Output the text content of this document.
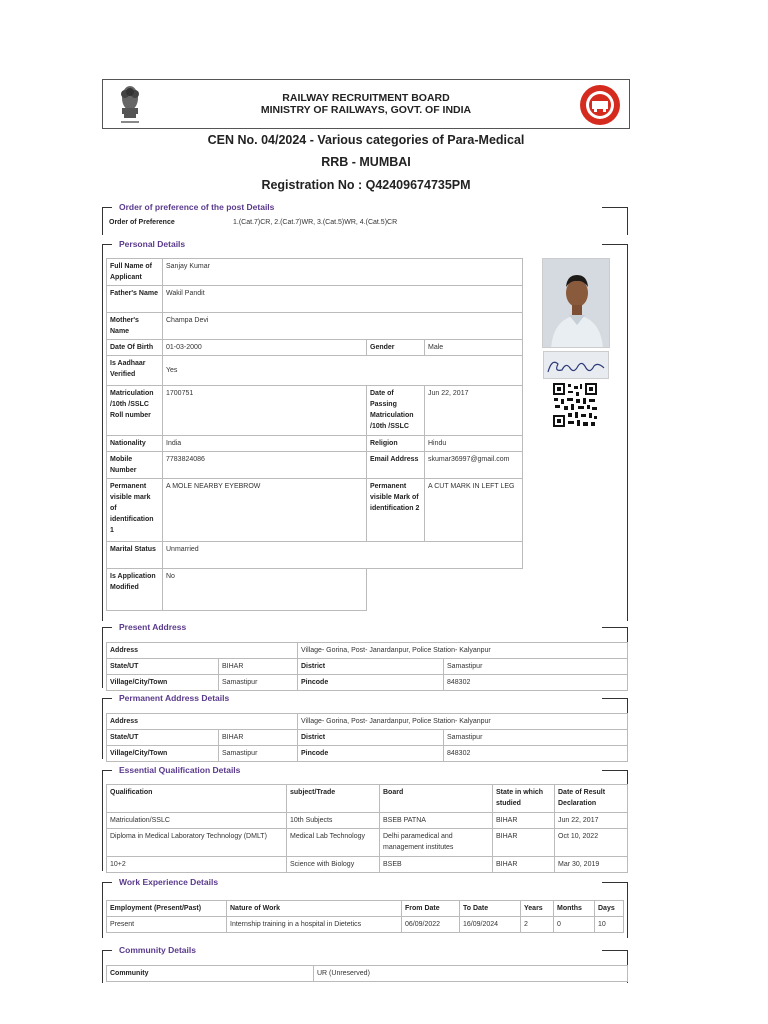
RAILWAY RECRUITMENT BOARD
MINISTRY OF RAILWAYS, GOVT. OF INDIA
CEN No. 04/2024 - Various categories of Para-Medical
RRB - MUMBAI
Registration No : Q42409674735PM
Order of preference of the post Details
Order of Preference	1.(Cat.7)CR, 2.(Cat.7)WR, 3.(Cat.5)WR, 4.(Cat.5)CR
Personal Details
Full Name of Applicant	Sanjay Kumar		
Father's Name	Wakil Pandit		
Mother's Name	Champa Devi		
Date Of Birth	01-03-2000	Gender	Male
Is Aadhaar Verified	Yes		
Matriculation /10th /SSLC Roll number	1700751	Date of Passing Matriculation /10th /SSLC	Jun 22, 2017
Nationality	India	Religion	Hindu
Mobile Number	7783824086	Email Address	skumar36997@gmail.com
Permanent visible mark of identification 1	A MOLE NEARBY EYEBROW	Permanent visible Mark of identification 2	A CUT MARK IN LEFT LEG
Marital Status	Unmarried		
Is Application Modified	No		
Present Address
Address		Village- Gorina, Post- Janardanpur, Police Station- Kalyanpur	
State/UT	BIHAR	District	Samastipur
Village/City/Town	Samastipur	Pincode	848302
Permanent Address Details
Address		Village- Gorina, Post- Janardanpur, Police Station- Kalyanpur	
State/UT	BIHAR	District	Samastipur
Village/City/Town	Samastipur	Pincode	848302
Essential Qualification Details
Qualification	subject/Trade	Board	State in which studied	Date of Result Declaration
Matriculation/SSLC	10th Subjects	BSEB PATNA	BIHAR	Jun 22, 2017
Diploma in Medical Laboratory Technology (DMLT)	Medical Lab Technology	Delhi paramedical and management institutes	BIHAR	Oct 10, 2022
10+2	Science with Biology	BSEB	BIHAR	Mar 30, 2019
Work Experience Details
Employment (Present/Past)	Nature of Work	From Date	To Date	Years	Months	Days
Present	Internship training in a hospital in Dietetics	06/09/2022	16/09/2024	2	0	10
Community Details
Community	UR (Unreserved)
